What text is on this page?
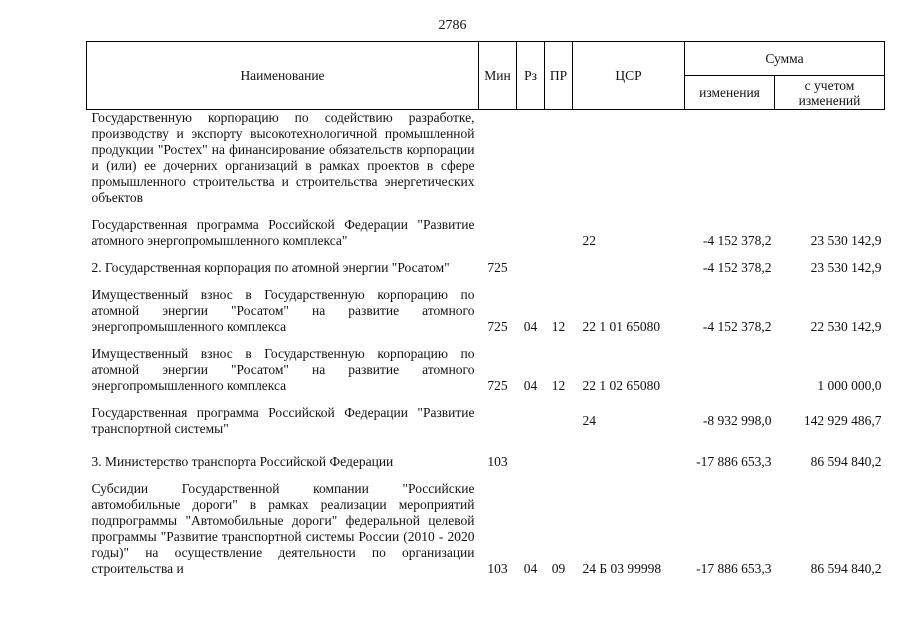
2786
Наименование	Мин	Рз	ПР	ЦСР	Сумма	
					изменения	с учетом изменений
Государственную корпорацию по содействию разработке, производству и экспорту высокотехнологичной промышленной продукции "Ростех" на финансирование обязательств корпорации и (или) ее дочерних организаций в рамках проектов в сфере промышленного строительства и строительства энергетических объектов						

Государственная программа Российской Федерации "Развитие атомного энергопромышленного комплекса"				22	-4 152 378,2	23 530 142,9

2. Государственная корпорация по атомной энергии "Росатом"	725				-4 152 378,2	23 530 142,9

Имущественный взнос в Государственную корпорацию по атомной энергии "Росатом" на развитие атомного энергопромышленного комплекса	725	04	12	22 1 01 65080	-4 152 378,2	22 530 142,9

Имущественный взнос в Государственную корпорацию по атомной энергии "Росатом" на развитие атомного энергопромышленного комплекса	725	04	12	22 1 02 65080		1 000 000,0

Государственная программа Российской Федерации "Развитие транспортной системы"				24	-8 932 998,0	142 929 486,7

3. Министерство транспорта Российской Федерации	103				-17 886 653,3	86 594 840,2

Субсидии Государственной компании "Российские автомобильные дороги" в рамках реализации мероприятий подпрограммы "Автомобильные дороги" федеральной целевой программы "Развитие транспортной системы России (2010 - 2020 годы)" на осуществление деятельности по организации строительства и	103	04	09	24 Б 03 99998	-17 886 653,3	86 594 840,2
